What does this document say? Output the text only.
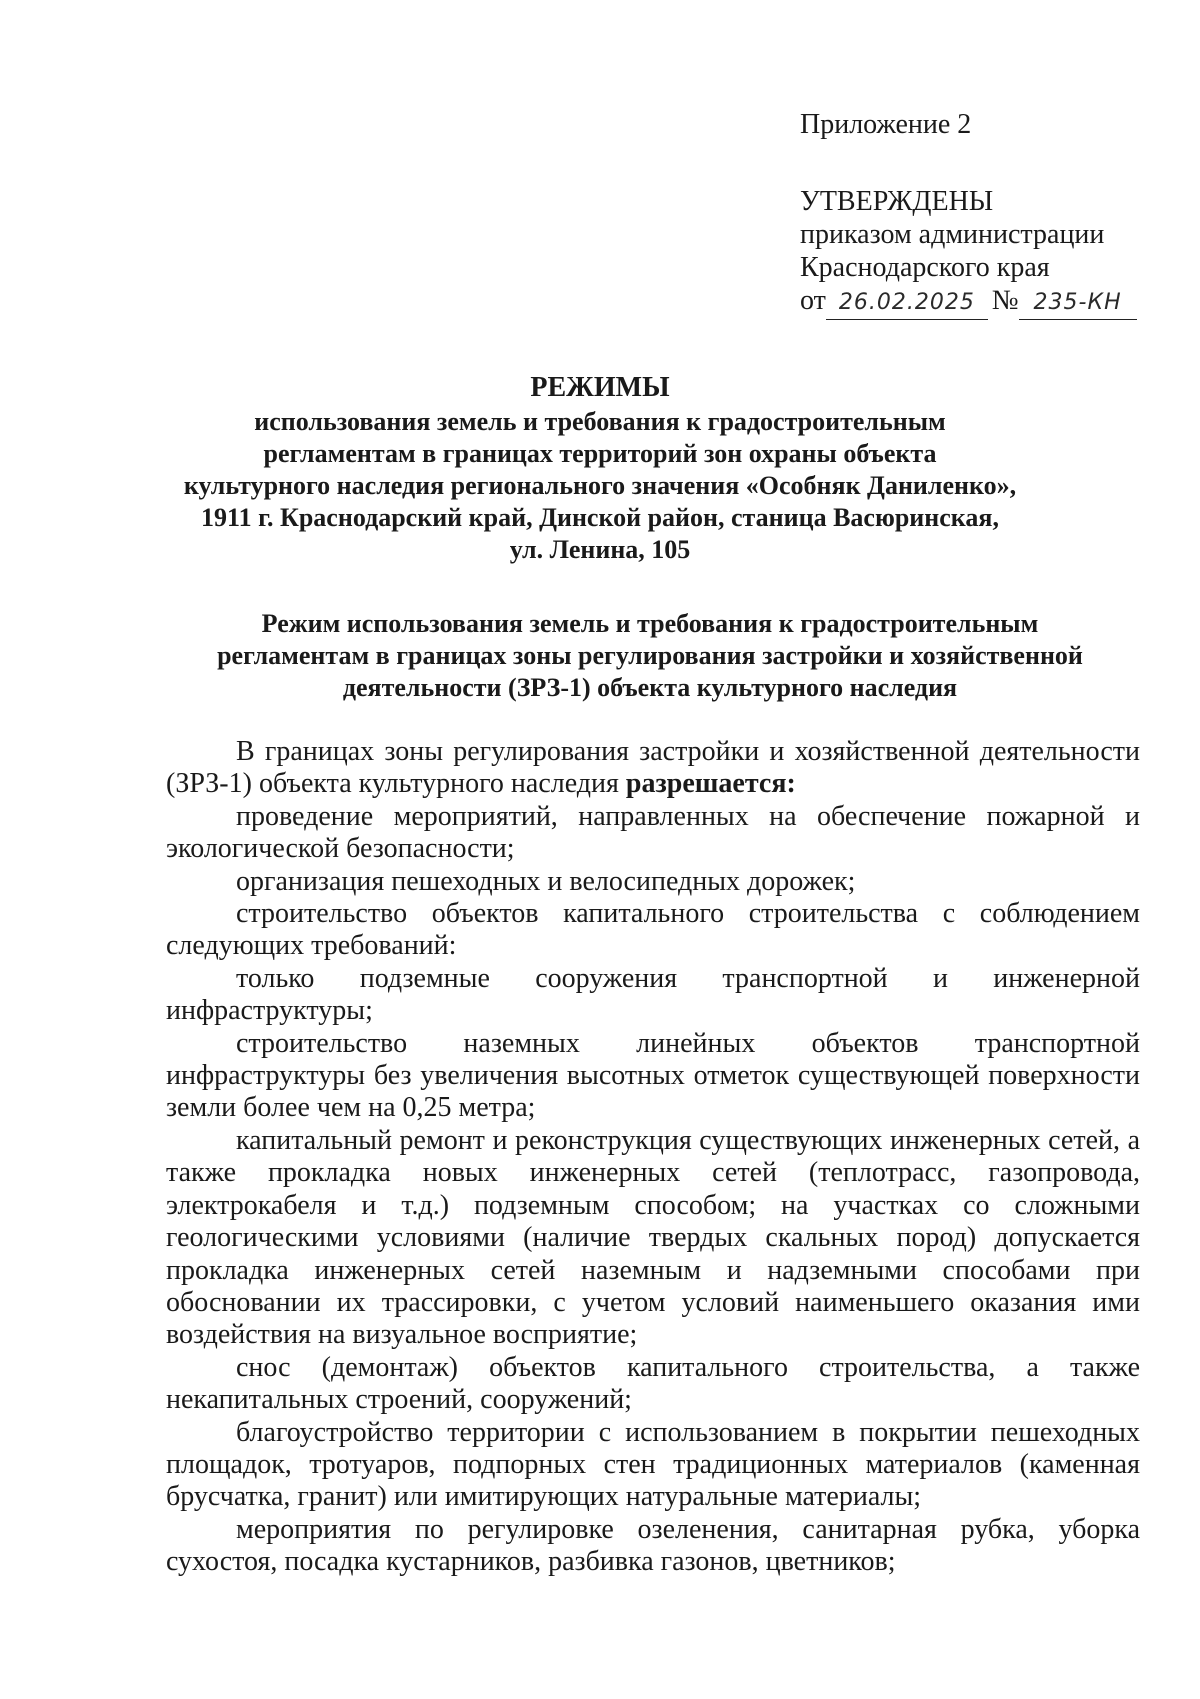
Приложение 2
УТВЕРЖДЕНЫ
приказом администрации
Краснодарского края
от 26.02.2025 № 235-КН
РЕЖИМЫ
использования земель и требования к градостроительным
регламентам в границах территорий зон охраны объекта
культурного наследия регионального значения «Особняк Даниленко»,
1911 г. Краснодарский край, Динской район, станица Васюринская,
ул. Ленина, 105
Режим использования земель и требования к градостроительным
регламентам в границах зоны регулирования застройки и хозяйственной
деятельности (ЗРЗ-1) объекта культурного наследия

В границах зоны регулирования застройки и хозяйственной деятельности (ЗРЗ-1) объекта культурного наследия разрешается:

проведение мероприятий, направленных на обеспечение пожарной и экологической безопасности;

организация пешеходных и велосипедных дорожек;

строительство объектов капитального строительства с соблюдением следующих требований:

только подземные сооружения транспортной и инженерной инфраструктуры;

строительство наземных линейных объектов транспортной инфраструктуры без увеличения высотных отметок существующей поверхности земли более чем на 0,25 метра;

капитальный ремонт и реконструкция существующих инженерных сетей, а также прокладка новых инженерных сетей (теплотрасс, газопровода, электрокабеля и т.д.) подземным способом; на участках со сложными геологическими условиями (наличие твердых скальных пород) допускается прокладка инженерных сетей наземным и надземными способами при обосновании их трассировки, с учетом условий наименьшего оказания ими воздействия на визуальное восприятие;

снос (демонтаж) объектов капитального строительства, а также некапитальных строений, сооружений;

благоустройство территории с использованием в покрытии пешеходных площадок, тротуаров, подпорных стен традиционных материалов (каменная брусчатка, гранит) или имитирующих натуральные материалы;

мероприятия по регулировке озеленения, санитарная рубка, уборка сухостоя, посадка кустарников, разбивка газонов, цветников;
